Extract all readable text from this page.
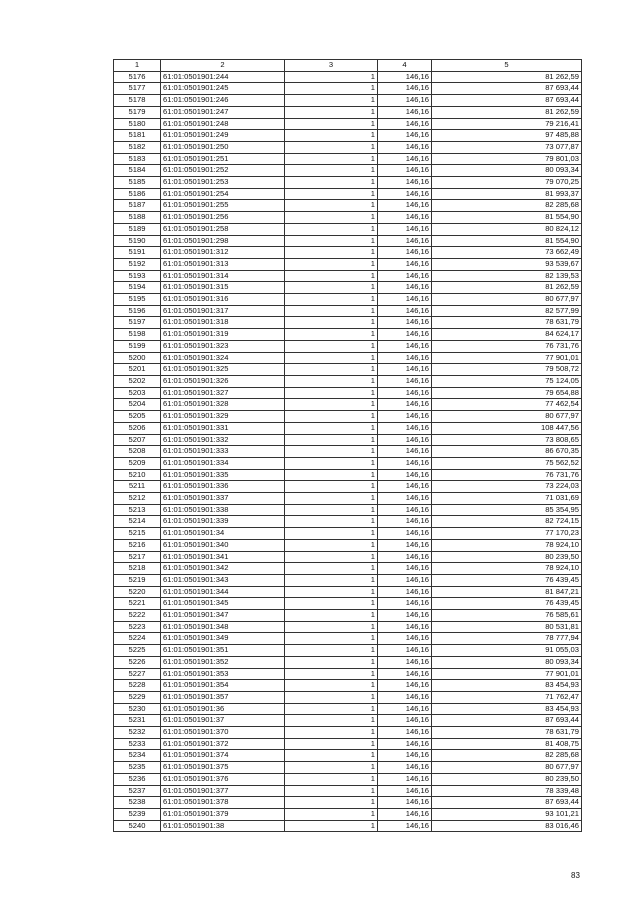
1	2	3	4	5
5176	61:01:0501901:244	1	146,16	81 262,59
5177	61:01:0501901:245	1	146,16	87 693,44
5178	61:01:0501901:246	1	146,16	87 693,44
5179	61:01:0501901:247	1	146,16	81 262,59
5180	61:01:0501901:248	1	146,16	79 216,41
5181	61:01:0501901:249	1	146,16	97 485,88
5182	61:01:0501901:250	1	146,16	73 077,87
5183	61:01:0501901:251	1	146,16	79 801,03
5184	61:01:0501901:252	1	146,16	80 093,34
5185	61:01:0501901:253	1	146,16	79 070,25
5186	61:01:0501901:254	1	146,16	81 993,37
5187	61:01:0501901:255	1	146,16	82 285,68
5188	61:01:0501901:256	1	146,16	81 554,90
5189	61:01:0501901:258	1	146,16	80 824,12
5190	61:01:0501901:298	1	146,16	81 554,90
5191	61:01:0501901:312	1	146,16	73 662,49
5192	61:01:0501901:313	1	146,16	93 539,67
5193	61:01:0501901:314	1	146,16	82 139,53
5194	61:01:0501901:315	1	146,16	81 262,59
5195	61:01:0501901:316	1	146,16	80 677,97
5196	61:01:0501901:317	1	146,16	82 577,99
5197	61:01:0501901:318	1	146,16	78 631,79
5198	61:01:0501901:319	1	146,16	84 624,17
5199	61:01:0501901:323	1	146,16	76 731,76
5200	61:01:0501901:324	1	146,16	77 901,01
5201	61:01:0501901:325	1	146,16	79 508,72
5202	61:01:0501901:326	1	146,16	75 124,05
5203	61:01:0501901:327	1	146,16	79 654,88
5204	61:01:0501901:328	1	146,16	77 462,54
5205	61:01:0501901:329	1	146,16	80 677,97
5206	61:01:0501901:331	1	146,16	108 447,56
5207	61:01:0501901:332	1	146,16	73 808,65
5208	61:01:0501901:333	1	146,16	86 670,35
5209	61:01:0501901:334	1	146,16	75 562,52
5210	61:01:0501901:335	1	146,16	76 731,76
5211	61:01:0501901:336	1	146,16	73 224,03
5212	61:01:0501901:337	1	146,16	71 031,69
5213	61:01:0501901:338	1	146,16	85 354,95
5214	61:01:0501901:339	1	146,16	82 724,15
5215	61:01:0501901:34	1	146,16	77 170,23
5216	61:01:0501901:340	1	146,16	78 924,10
5217	61:01:0501901:341	1	146,16	80 239,50
5218	61:01:0501901:342	1	146,16	78 924,10
5219	61:01:0501901:343	1	146,16	76 439,45
5220	61:01:0501901:344	1	146,16	81 847,21
5221	61:01:0501901:345	1	146,16	76 439,45
5222	61:01:0501901:347	1	146,16	76 585,61
5223	61:01:0501901:348	1	146,16	80 531,81
5224	61:01:0501901:349	1	146,16	78 777,94
5225	61:01:0501901:351	1	146,16	91 055,03
5226	61:01:0501901:352	1	146,16	80 093,34
5227	61:01:0501901:353	1	146,16	77 901,01
5228	61:01:0501901:354	1	146,16	83 454,93
5229	61:01:0501901:357	1	146,16	71 762,47
5230	61:01:0501901:36	1	146,16	83 454,93
5231	61:01:0501901:37	1	146,16	87 693,44
5232	61:01:0501901:370	1	146,16	78 631,79
5233	61:01:0501901:372	1	146,16	81 408,75
5234	61:01:0501901:374	1	146,16	82 285,68
5235	61:01:0501901:375	1	146,16	80 677,97
5236	61:01:0501901:376	1	146,16	80 239,50
5237	61:01:0501901:377	1	146,16	78 339,48
5238	61:01:0501901:378	1	146,16	87 693,44
5239	61:01:0501901:379	1	146,16	93 101,21
5240	61:01:0501901:38	1	146,16	83 016,46
83
